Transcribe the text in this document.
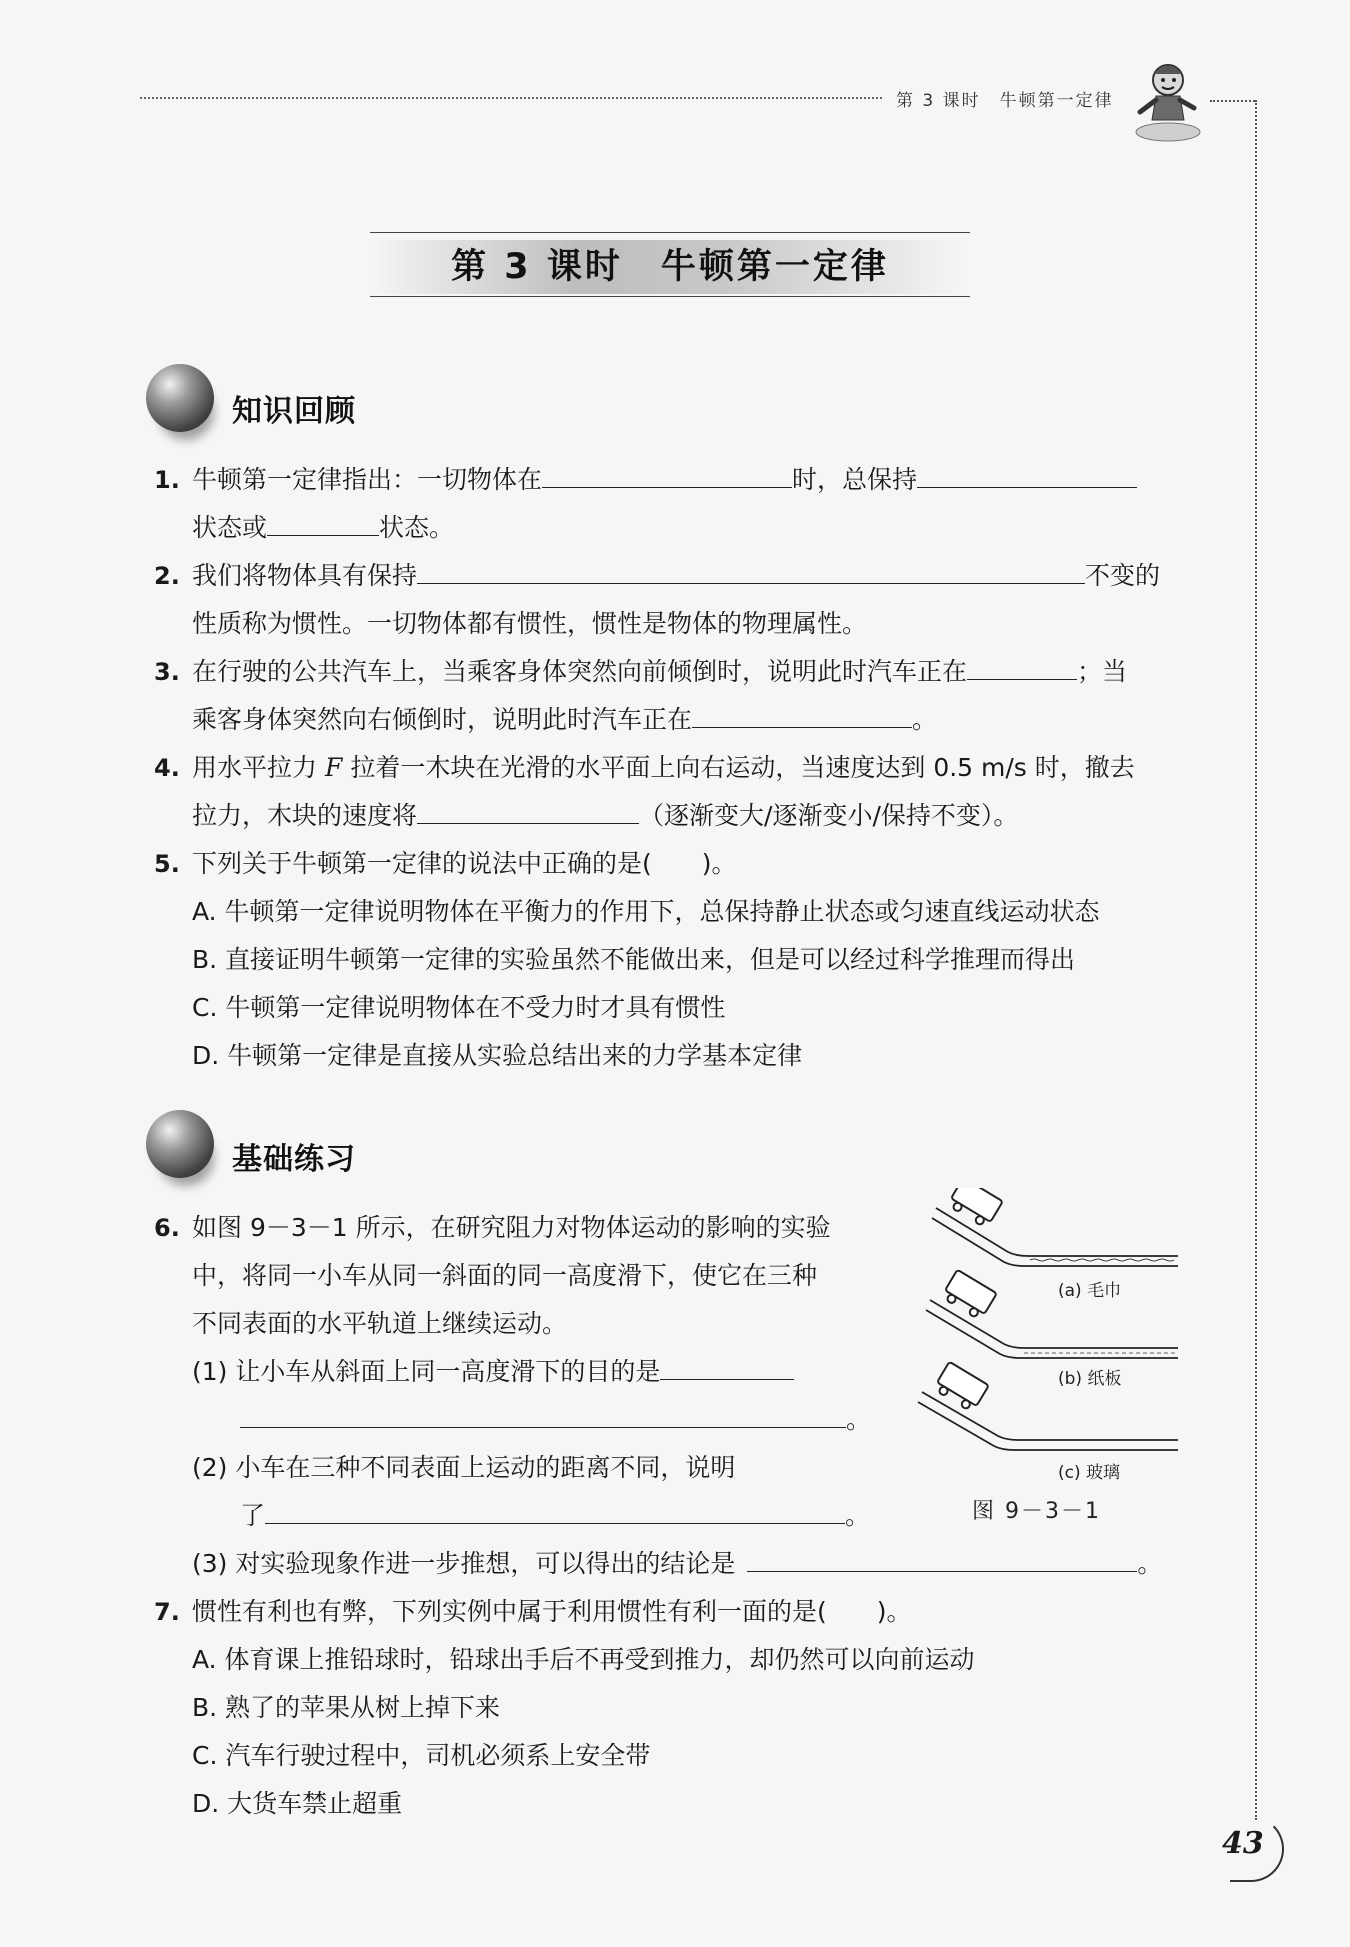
第 3 课时　牛顿第一定律
第 3 课时　牛顿第一定律
知识回顾
1. 牛顿第一定律指出：一切物体在	时，总保持
状态或	状态。
2. 我们将物体具有保持	不变的
性质称为惯性。一切物体都有惯性，惯性是物体的物理属性。
3. 在行驶的公共汽车上，当乘客身体突然向前倾倒时，说明此时汽车正在	；当
乘客身体突然向右倾倒时，说明此时汽车正在	。
4. 用水平拉力 F 拉着一木块在光滑的水平面上向右运动，当速度达到 0.5 m/s 时，撤去
拉力，木块的速度将	（逐渐变大/逐渐变小/保持不变）。
5. 下列关于牛顿第一定律的说法中正确的是(　　)。
A. 牛顿第一定律说明物体在平衡力的作用下，总保持静止状态或匀速直线运动状态
B. 直接证明牛顿第一定律的实验虽然不能做出来，但是可以经过科学推理而得出
C. 牛顿第一定律说明物体在不受力时才具有惯性
D. 牛顿第一定律是直接从实验总结出来的力学基本定律
基础练习
6. 如图 9－3－1 所示，在研究阻力对物体运动的影响的实验
中，将同一小车从同一斜面的同一高度滑下，使它在三种
不同表面的水平轨道上继续运动。
(1) 让小车从斜面上同一高度滑下的目的是
。
(2) 小车在三种不同表面上运动的距离不同，说明
了	。
(3) 对实验现象作进一步推想，可以得出的结论是	。
(a) 毛巾
(b) 纸板
(c) 玻璃
图 9－3－1
7. 惯性有利也有弊，下列实例中属于利用惯性有利一面的是(　　)。
A. 体育课上推铅球时，铅球出手后不再受到推力，却仍然可以向前运动
B. 熟了的苹果从树上掉下来
C. 汽车行驶过程中，司机必须系上安全带
D. 大货车禁止超重
43
